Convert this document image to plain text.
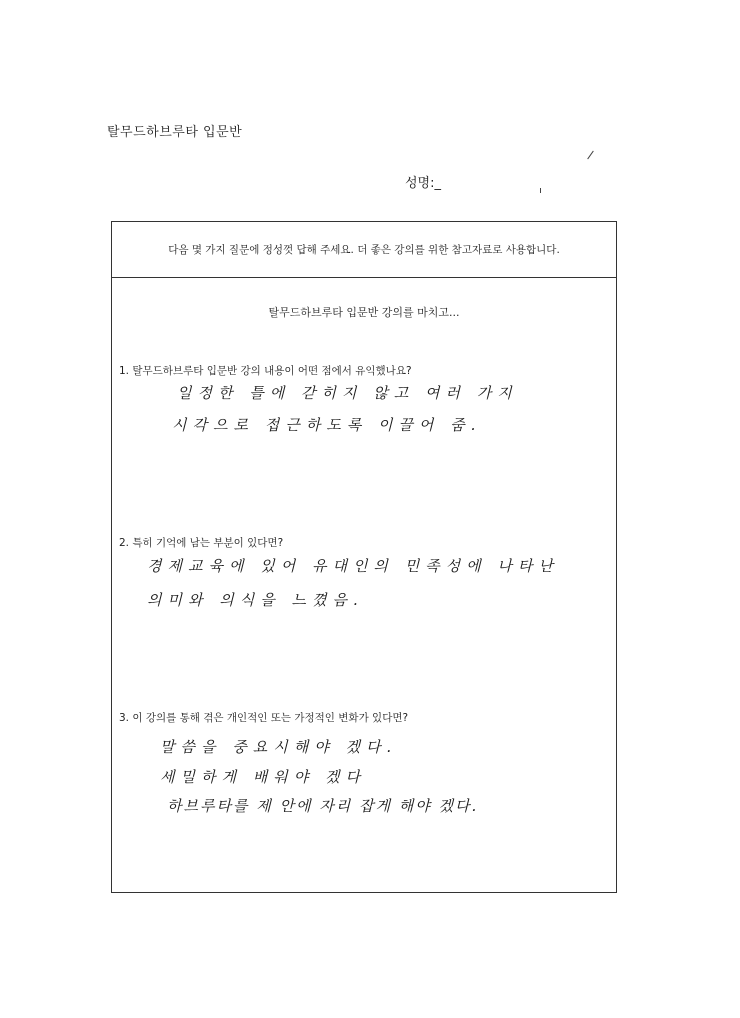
탈무드하브루타 입문반
성명:_
다음 몇 가지 질문에 정성껏 답해 주세요. 더 좋은 강의를 위한 참고자료로 사용합니다.
탈무드하브루타 입문반 강의를 마치고...
1. 탈무드하브루타 입문반 강의 내용이 어떤 점에서 유익했나요?
일정한 틀에 갇히지 않고 여러 가지
시각으로 접근하도록 이끌어 줌.
2. 특히 기억에 남는 부분이 있다면?
경제교육에 있어 유대인의 민족성에 나타난
의미와 의식을 느꼈음.
3. 이 강의를 통해 겪은 개인적인 또는 가정적인 변화가 있다면?
말씀을 중요시해야 겠다.
세밀하게 배워야 겠다
하브루타를 제 안에 자리 잡게 해야 겠다.
